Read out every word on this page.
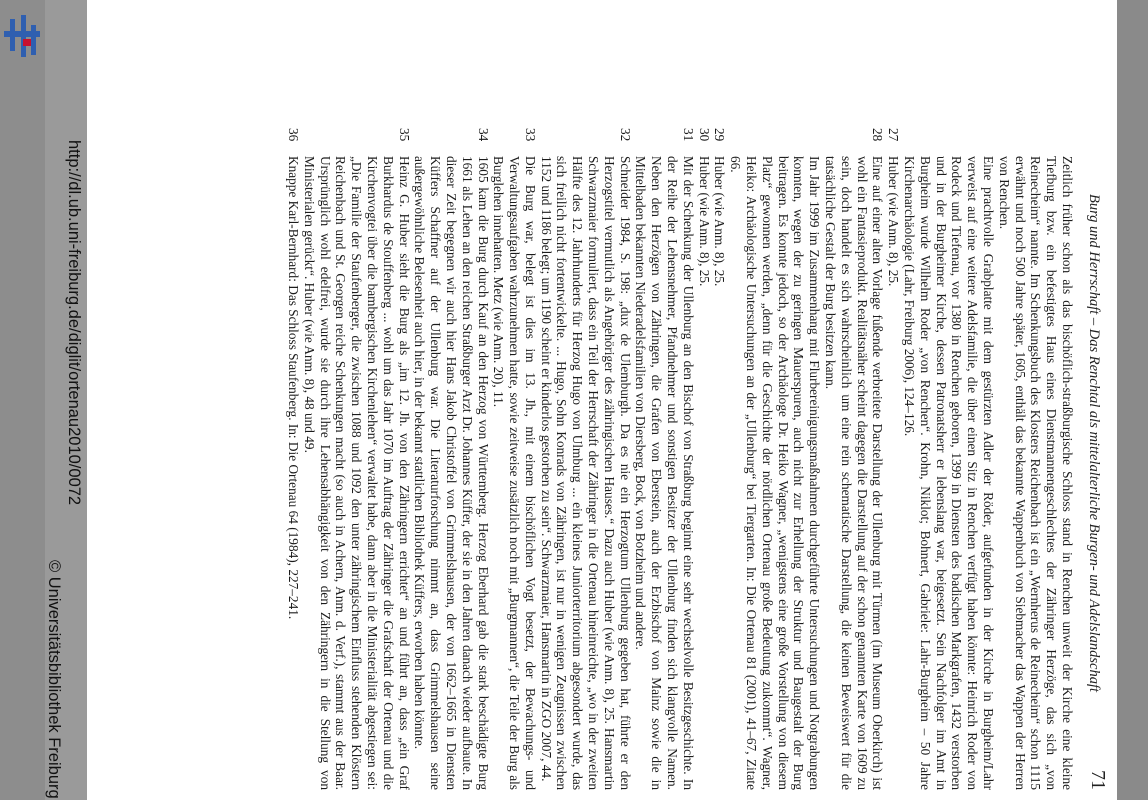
Burg und Herrschaft – Das Renchtal als mittelalterliche Burgen- und Adelslandschaft
71
Zeitlich früher schon als das bischöflich-straßburgische Schloss stand in Renchen unweit der Kirche eine kleine Tiefburg bzw. ein befestigtes Haus eines Dienstmannengeschlechtes der Zähringer Herzöge, das sich „von Reinecheim“ nannte. Im Schenkungsbuch des Klosters Reichenbach ist ein „Wernherus de Reinecheim“ schon 1115 erwähnt und noch 500 Jahre später, 1605, enthält das bekannte Wappenbuch von Siebmacher das Wappen der Herren von Renchen.
Eine prachtvolle Grabplatte mit dem gestürzten Adler der Röder, aufgefunden in der Kirche in Burgheim/Lahr verweist auf eine weitere Adelsfamilie, die über einen Sitz in Renchen verfügt haben könnte: Heinrich Roder von Rodeck und Tiefenau, vor 1380 in Renchen geboren, 1399 in Diensten des badischen Markgrafen, 1432 verstorben und in der Burgheimer Kirche, dessen Patronatsherr er lebenslang war, beigesetzt. Sein Nachfolger im Amt in Burgheim wurde Wilhelm Roder „von Renchen“. Krohn, Niklot; Bohnert, Gabriele: Lahr-Burgheim – 50 Jahre Kirchenarchäologie (Lahr, Freiburg 2006), 124–126.
27
Huber (wie Anm. 8), 25.
28
Eine auf einer alten Vorlage fußende verbreitete Darstellung der Ullenburg mit Türmen (im Museum Oberkirch) ist wohl ein Fantasieprodukt. Realitätsnäher scheint dagegen die Darstellung auf der schon genannten Karte von 1609 zu sein, doch handelt es sich wahrscheinlich um eine rein schematische Darstellung, die keinen Beweiswert für die tatsächliche Gestalt der Burg besitzen kann.
Im Jahr 1999 im Zusammenhang mit Flurbereinigungsmaßnahmen durchgeführte Untersuchungen und Notgrabungen konnten, wegen der zu geringen Mauerspuren, auch nicht zur Erhellung der Struktur und Baugestalt der Burg beitragen. Es konnte jedoch, so der Archäologe Dr. Heiko Wagner, „wenigstens eine große Vorstellung von diesem Platz“ gewonnen werden, „denn für die Geschichte der nördlichen Ortenau große Bedeutung zukommt“. Wagner, Heiko: Archäologische Untersuchungen an der „Ullenburg“ bei Tiergarten. In: Die Ortenau 81 (2001), 41–67, Zitate 66.
29
Huber (wie Anm. 8), 25.
30
Huber (wie Anm. 8), 25.
31
Mit der Schenkung der Ullenburg an den Bischof von Straßburg beginnt eine sehr wechselvolle Besitzgeschichte. In der Reihe der Lehensnehmer, Pfandnehmer und sonstigen Besitzer der Ullenburg finden sich klangvolle Namen. Neben den Herzögen von Zähringen, die Grafen von Eberstein, auch der Erzbischof von Mainz sowie die in Mittelbaden bekannten Niederadelsfamilien von Diersberg, Bock, von Botzheim und andere.
32
Schneider 1984, S. 198: „dux de Ulemburgh. Da es nie ein Herzogtum Ullenburg gegeben hat, führte er den Herzogstitel vermutlich als Angehöriger des zähringischen Hauses.“ Dazu auch Huber (wie Anm. 8), 25. Hansmartin Schwarzmaier formuliert, dass ein Teil der Herrschaft der Zähringer in die Ortenau hineinreichte, „wo in der zweiten Hälfte des 12. Jahrhunderts für Herzog Hugo von Ulmburg ... ein kleines Juniorterritorium abgesondert wurde, das sich freilich nicht fortentwickelte. ... Hugo, Sohn Konrads von Zähringen, ist nur in wenigen Zeugnissen zwischen 1152 und 1186 belegt; um 1190 scheint er kinderlos gestorben zu sein“. Schwarzmaier, Hansmartin in ZGO 2007, 44.
33
Die Burg war, belegt ist dies im 13. Jh., mit einem bischöflichen Vogt besetzt, der Bewachungs- und Verwaltungsaufgaben wahrzunehmen hatte, sowie zeitweise zusätzlich noch mit „Burgmannen“, die Teile der Burg als Burglehen innehatten. Metz (wie Anm. 20), 11.
34
1605 kam die Burg durch Kauf an den Herzog von Württemberg. Herzog Eberhard gab die stark beschädigte Burg 1661 als Lehen an den reichen Straßburger Arzt Dr. Johannes Küffer, der sie in den Jahren danach wieder aufbaute. In dieser Zeit begegnen wir auch hier Hans Jakob Christoffel von Grimmelshausen, der von 1662–1665 in Diensten Küffers Schaffner auf der Ullenburg war. Die Literaturforschung nimmt an, dass Grimmelshausen seine außergewöhnliche Belesenheit auch hier, in der bekannt stattlichen Bibliothek Küffers, erworben haben könnte.
35
Heinz G. Huber sieht die Burg als „im 12. Jh. von den Zähringern errichtet“ an und führt an, dass „ein Graf Burkhardus de Stouffenberg ... wohl um das Jahr 1070 im Auftrag der Zähringer die Grafschaft der Ortenau und die Kirchenvogtei über die bambergischen Kirchenlehen“ verwaltet habe, dann aber in die Ministerialität abgestiegen sei: „Die Familie der Staufenberger, die zwischen 1088 und 1092 den unter zähringischem Einfluss stehenden Klöstern Reichenbach und St. Georgen reiche Schenkungen macht (so auch in Achern, Anm. d. Verf.), stammt aus der Baar. Ursprünglich wohl edelfrei, wurde sie durch ihre Lehensabhängigkeit von den Zähringern in die Stellung von Ministerialen gerückt“. Huber (wie Anm. 8), 48 und 49.
36
Knappe Karl-Bernhard: Das Schloss Staufenberg. In: Die Ortenau 64 (1984), 227–241.
http://dl.ub.uni-freiburg.de/diglit/ortenau2010/0072
© Universitätsbibliothek Freiburg
